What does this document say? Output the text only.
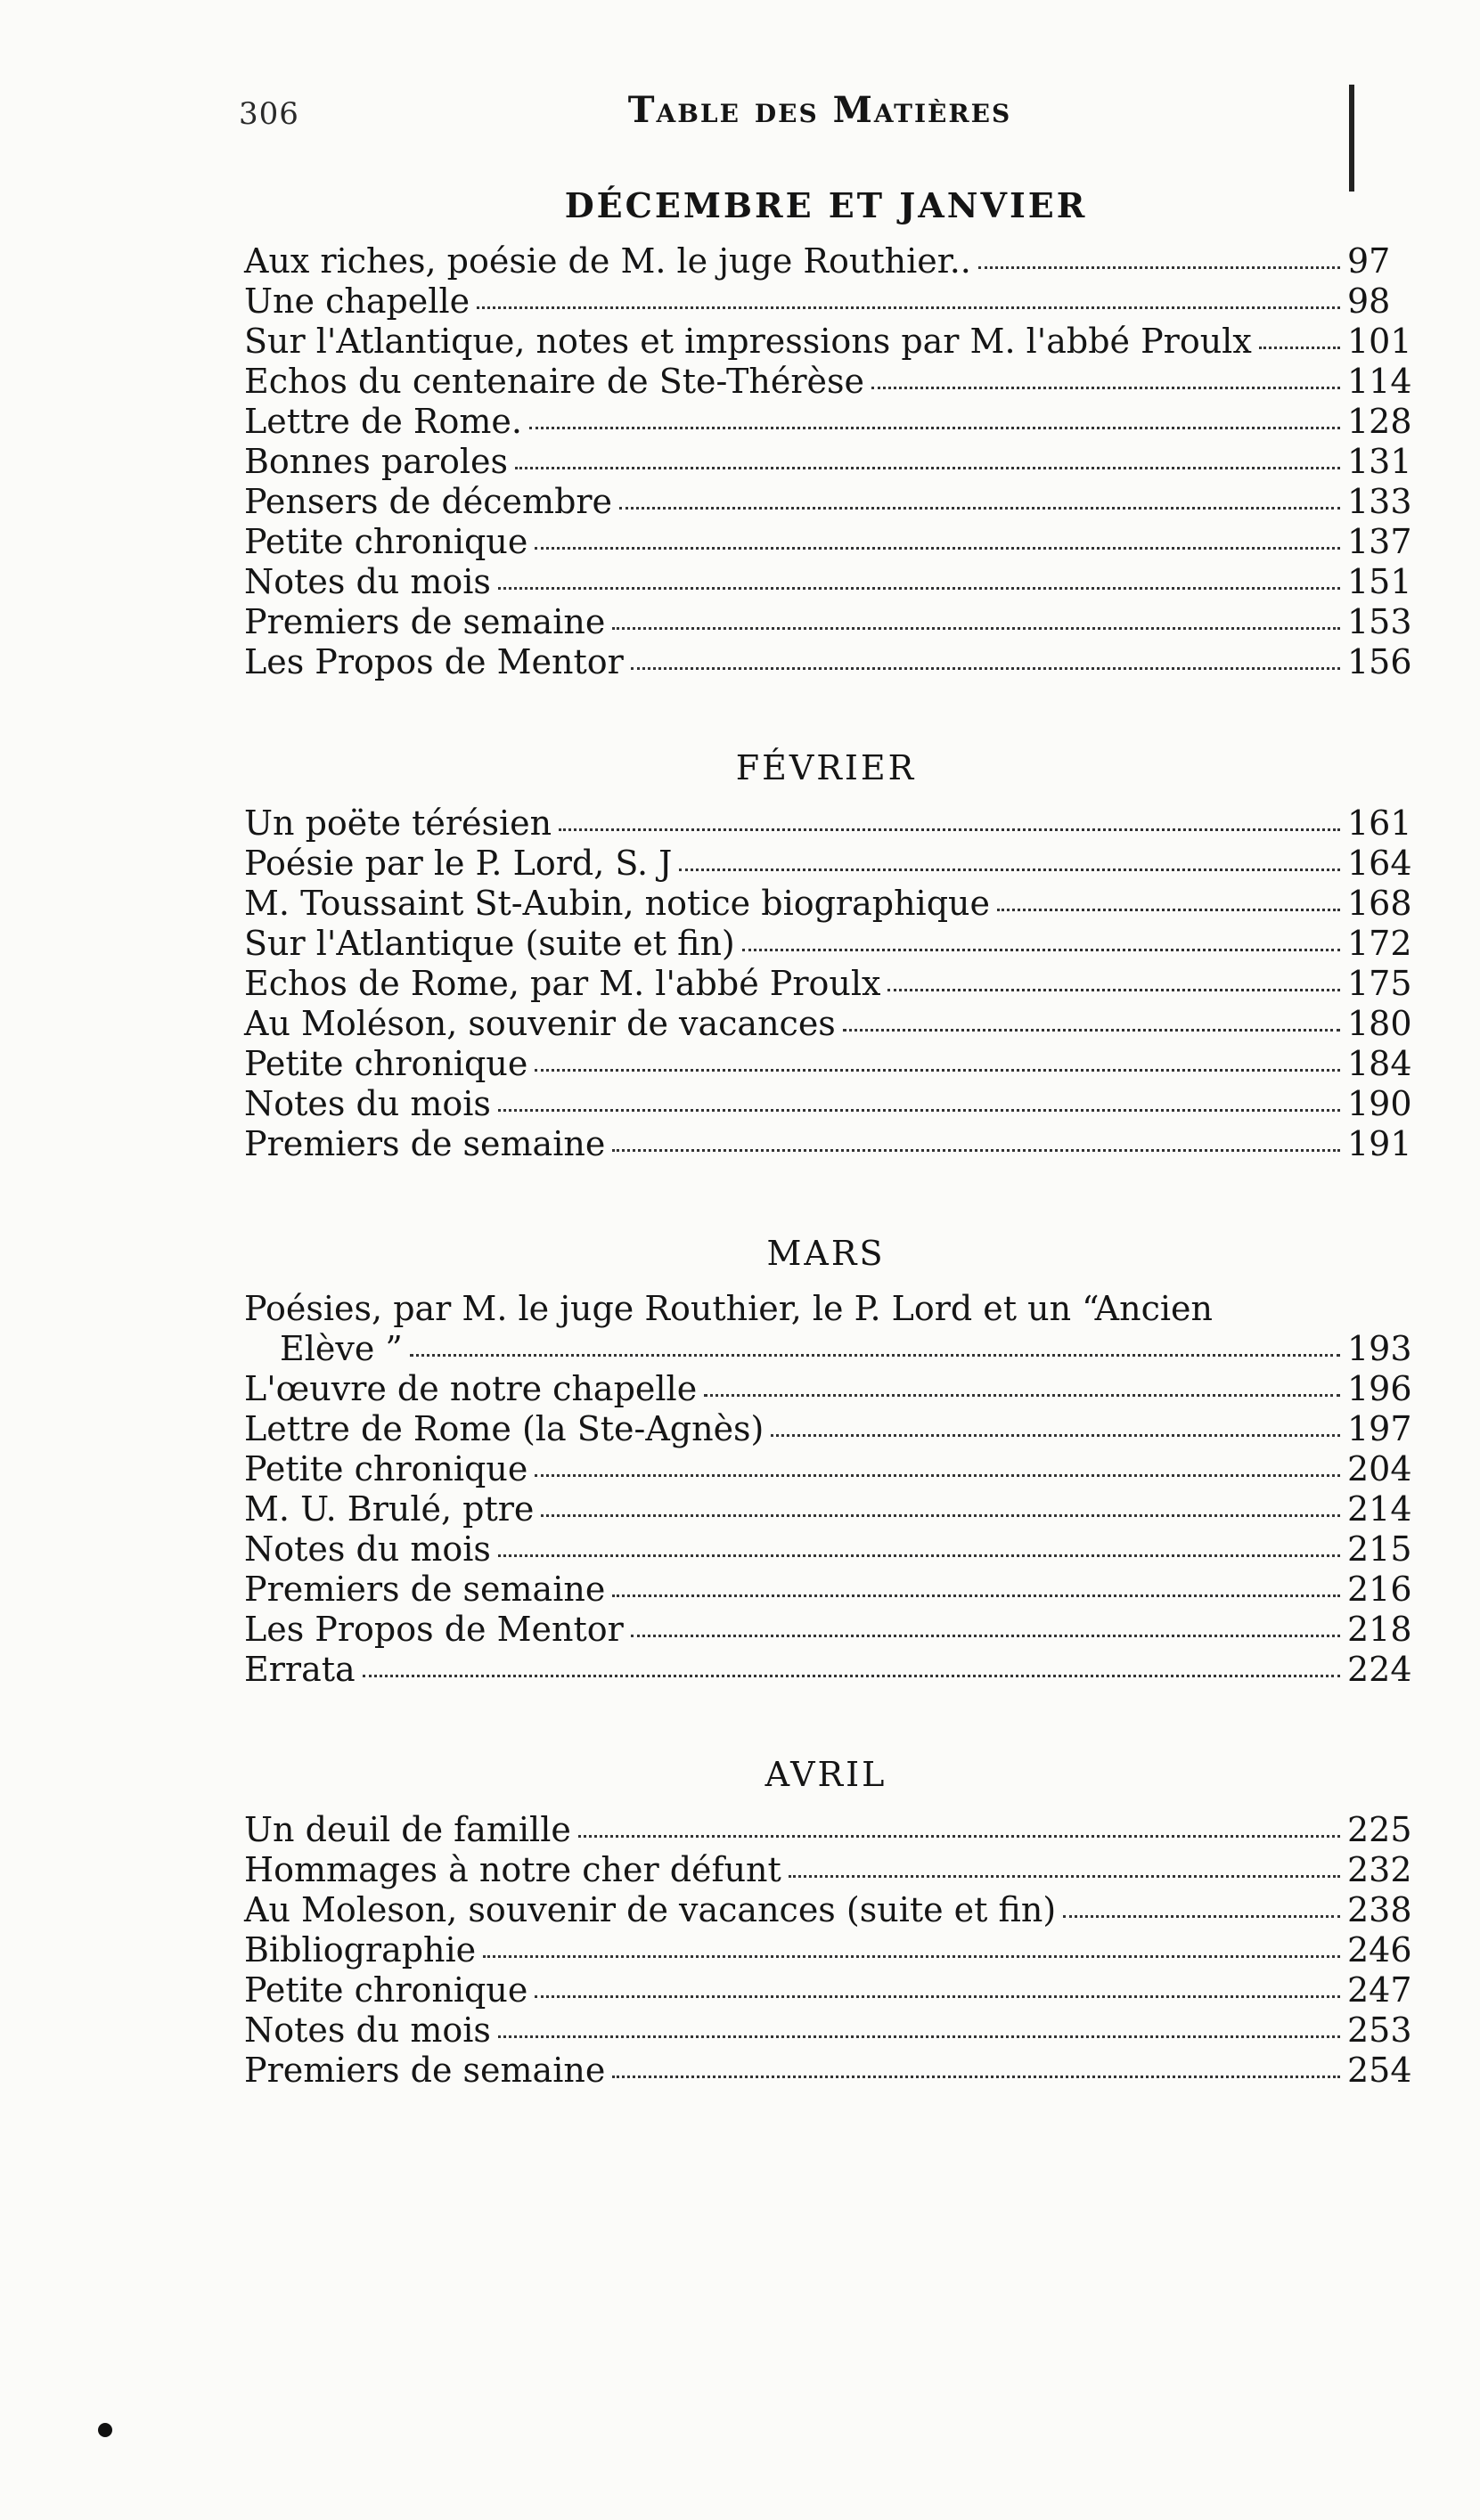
306	Table des Matières
DÉCEMBRE ET JANVIER
Aux riches, poésie de M. le juge Routhier..	97
Une chapelle	98
Sur l'Atlantique, notes et impressions par M. l'abbé Proulx	101
Echos du centenaire de Ste-Thérèse	114
Lettre de Rome.	128
Bonnes paroles	131
Pensers de décembre	133
Petite chronique	137
Notes du mois	151
Premiers de semaine	153
Les Propos de Mentor	156
FÉVRIER
Un poëte térésien	161
Poésie par le P. Lord, S. J	164
M. Toussaint St-Aubin, notice biographique	168
Sur l'Atlantique (suite et fin)	172
Echos de Rome, par M. l'abbé Proulx	175
Au Moléson, souvenir de vacances	180
Petite chronique	184
Notes du mois	190
Premiers de semaine	191
MARS
Poésies, par M. le juge Routhier, le P. Lord et un “Ancien
Elève ”	193
L'œuvre de notre chapelle	196
Lettre de Rome (la Ste-Agnès)	197
Petite chronique	204
M. U. Brulé, ptre	214
Notes du mois	215
Premiers de semaine	216
Les Propos de Mentor	218
Errata	224
AVRIL
Un deuil de famille	225
Hommages à notre cher défunt	232
Au Moleson, souvenir de vacances (suite et fin)	238
Bibliographie	246
Petite chronique	247
Notes du mois	253
Premiers de semaine	254
